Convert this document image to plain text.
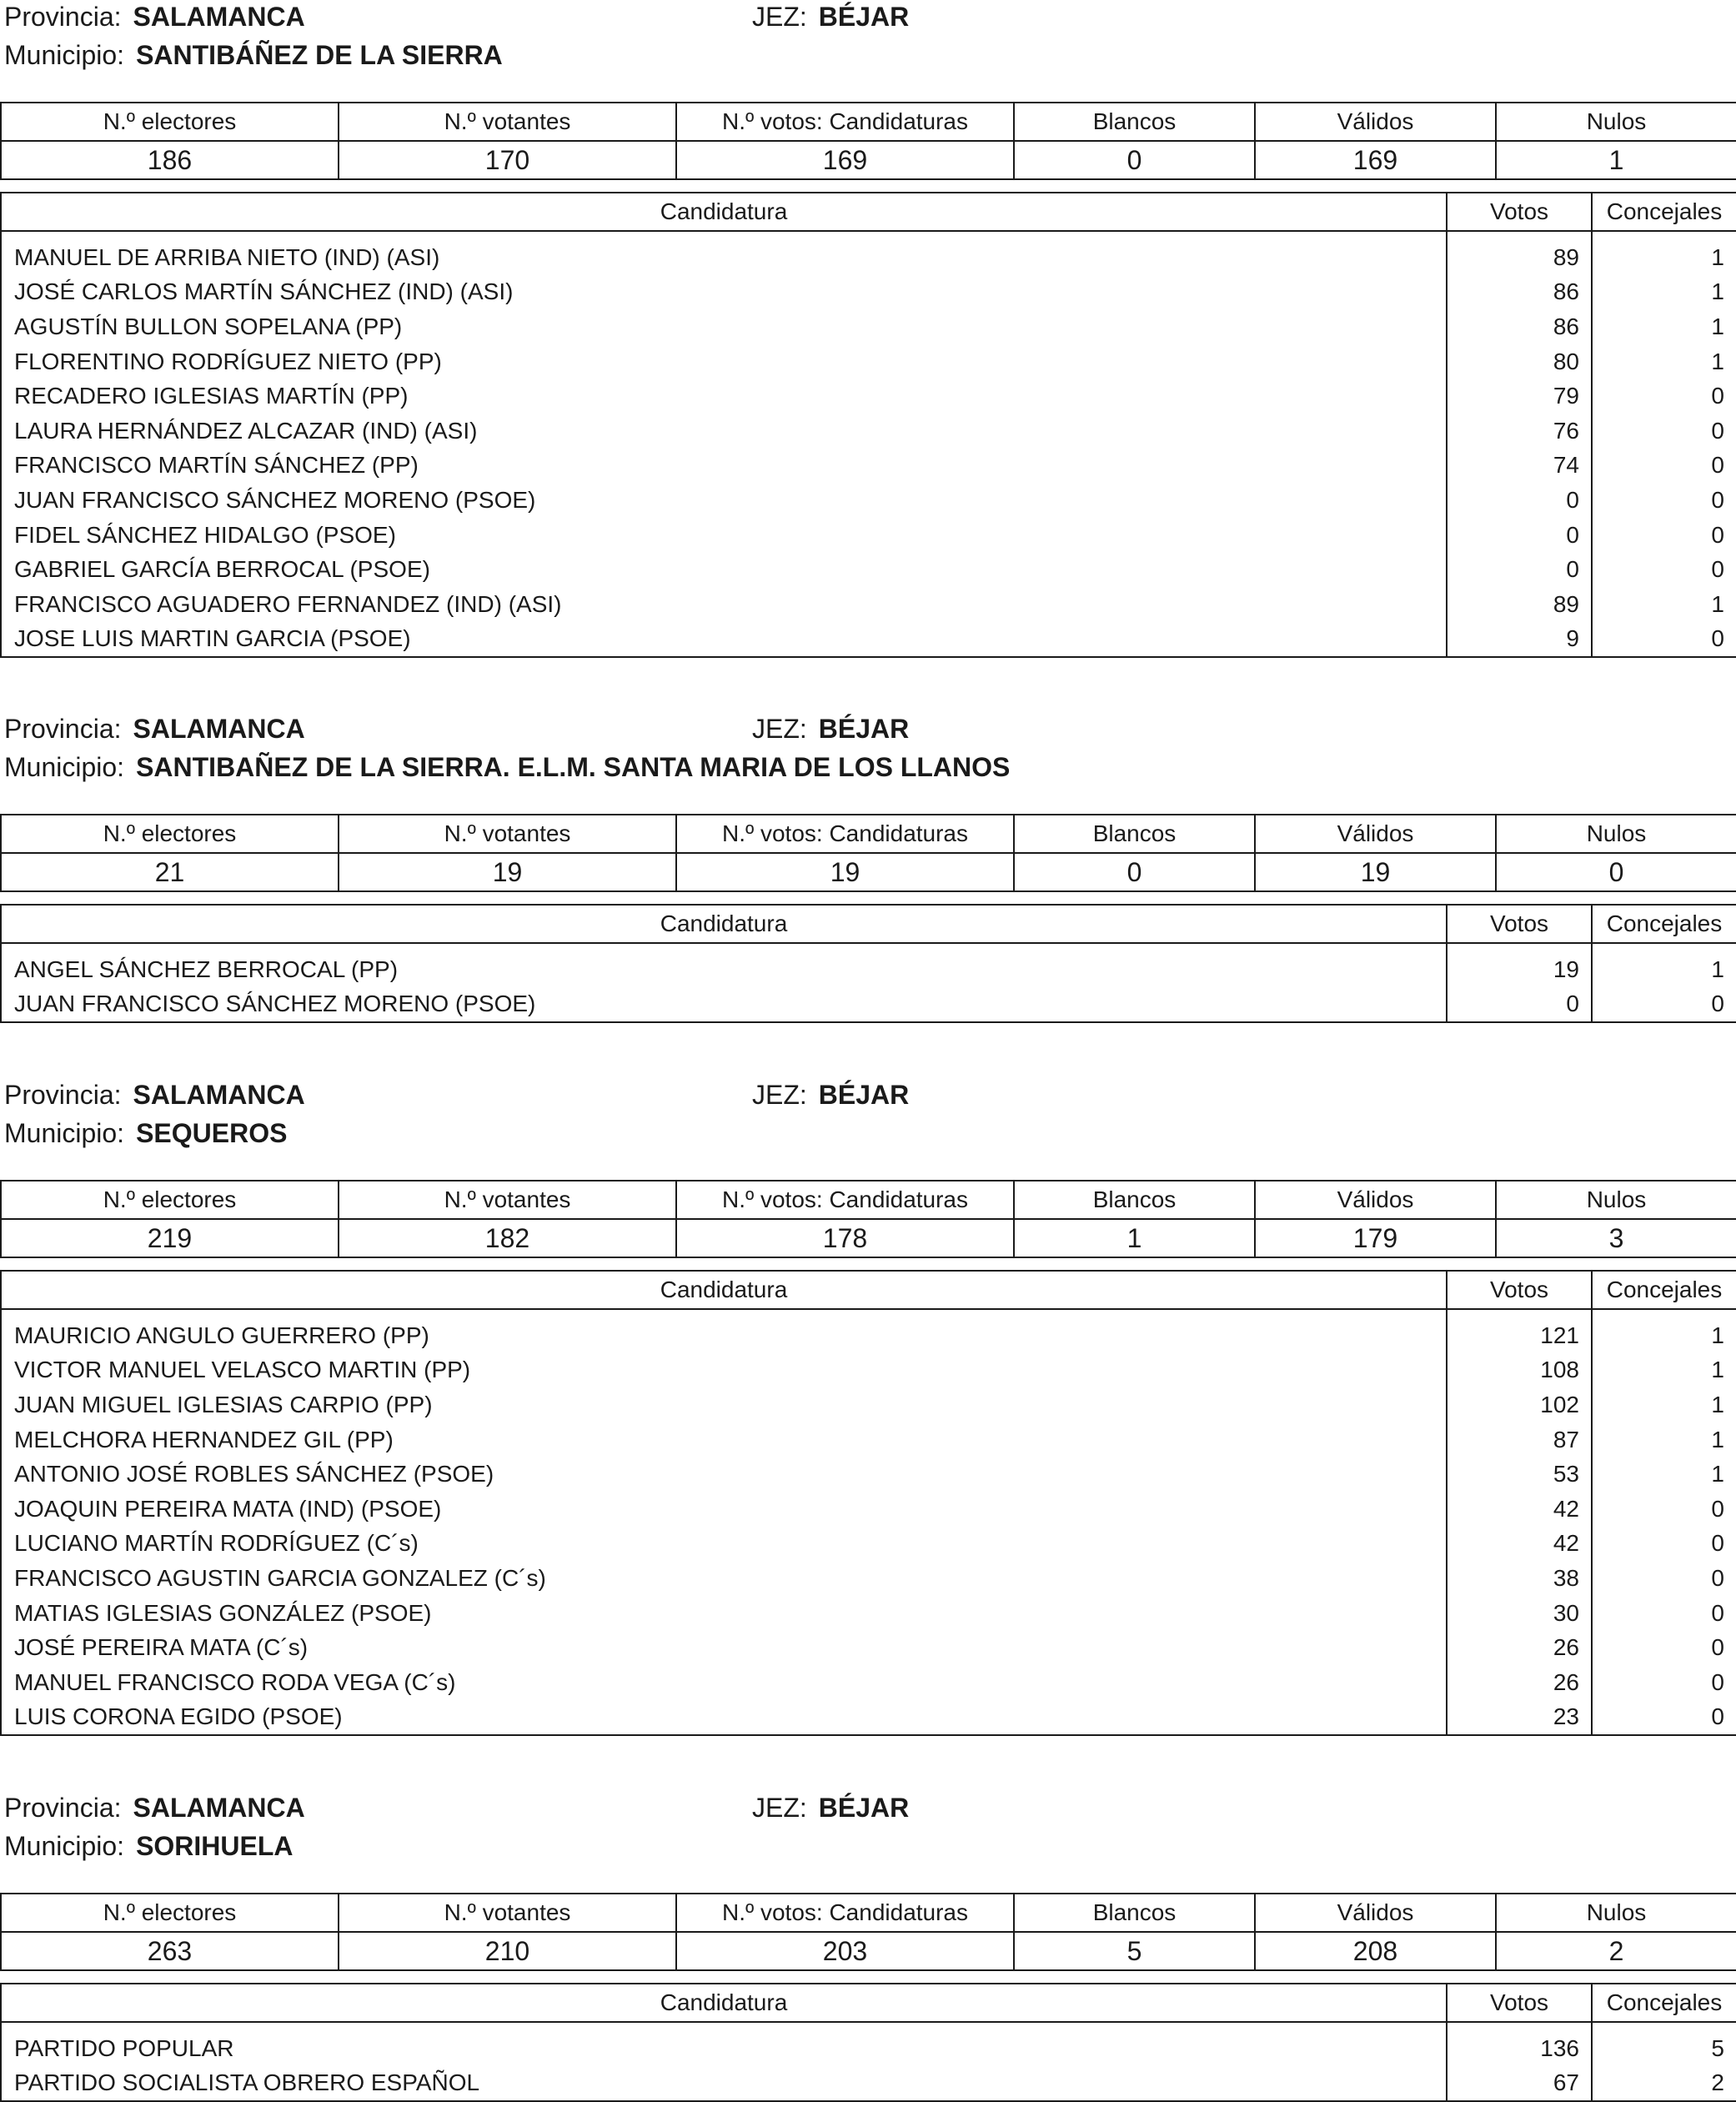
Provincia: SALAMANCA	JEZ: BÉJAR
Municipio: SANTIBÁÑEZ DE LA SIERRA
N.º electores	N.º votantes	N.º votos: Candidaturas	Blancos	Válidos	Nulos
186	170	169	0	169	1
Candidatura	Votos	Concejales

MANUEL DE ARRIBA NIETO (IND) (ASI)	89	1
JOSÉ CARLOS MARTÍN SÁNCHEZ (IND) (ASI)	86	1
AGUSTÍN BULLON SOPELANA (PP)	86	1
FLORENTINO RODRÍGUEZ NIETO (PP)	80	1
RECADERO IGLESIAS MARTÍN (PP)	79	0
LAURA HERNÁNDEZ ALCAZAR (IND) (ASI)	76	0
FRANCISCO MARTÍN SÁNCHEZ (PP)	74	0
JUAN FRANCISCO SÁNCHEZ MORENO (PSOE)	0	0
FIDEL SÁNCHEZ HIDALGO (PSOE)	0	0
GABRIEL GARCÍA BERROCAL (PSOE)	0	0
FRANCISCO AGUADERO FERNANDEZ (IND) (ASI)	89	1
JOSE LUIS MARTIN GARCIA (PSOE)	9	0
Provincia: SALAMANCA	JEZ: BÉJAR
Municipio: SANTIBAÑEZ DE LA SIERRA. E.L.M. SANTA MARIA DE LOS LLANOS
N.º electores	N.º votantes	N.º votos: Candidaturas	Blancos	Válidos	Nulos
21	19	19	0	19	0
Candidatura	Votos	Concejales

ANGEL SÁNCHEZ BERROCAL (PP)	19	1
JUAN FRANCISCO SÁNCHEZ MORENO (PSOE)	0	0
Provincia: SALAMANCA	JEZ: BÉJAR
Municipio: SEQUEROS
N.º electores	N.º votantes	N.º votos: Candidaturas	Blancos	Válidos	Nulos
219	182	178	1	179	3
Candidatura	Votos	Concejales

MAURICIO ANGULO GUERRERO (PP)	121	1
VICTOR MANUEL VELASCO MARTIN (PP)	108	1
JUAN MIGUEL IGLESIAS CARPIO (PP)	102	1
MELCHORA HERNANDEZ GIL (PP)	87	1
ANTONIO JOSÉ ROBLES SÁNCHEZ (PSOE)	53	1
JOAQUIN PEREIRA MATA (IND) (PSOE)	42	0
LUCIANO MARTÍN RODRÍGUEZ (C´s)	42	0
FRANCISCO AGUSTIN GARCIA GONZALEZ (C´s)	38	0
MATIAS IGLESIAS GONZÁLEZ (PSOE)	30	0
JOSÉ PEREIRA MATA (C´s)	26	0
MANUEL FRANCISCO RODA VEGA (C´s)	26	0
LUIS CORONA EGIDO (PSOE)	23	0
Provincia: SALAMANCA	JEZ: BÉJAR
Municipio: SORIHUELA
N.º electores	N.º votantes	N.º votos: Candidaturas	Blancos	Válidos	Nulos
263	210	203	5	208	2
Candidatura	Votos	Concejales

PARTIDO POPULAR	136	5
PARTIDO SOCIALISTA OBRERO ESPAÑOL	67	2
